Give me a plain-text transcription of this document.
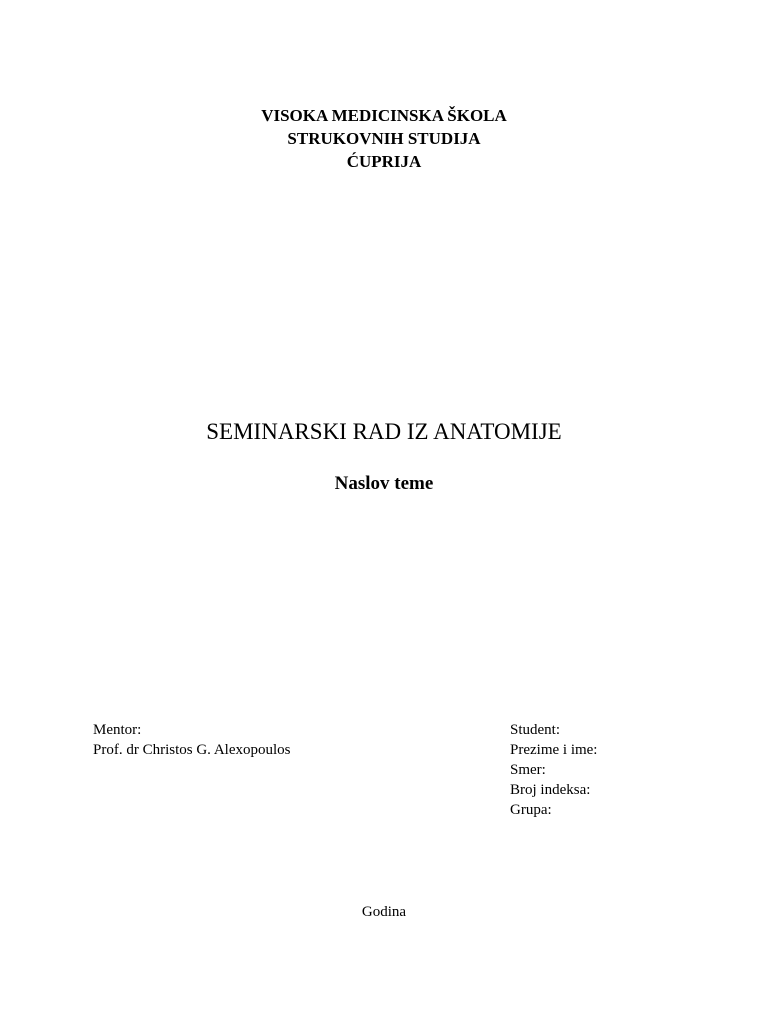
VISOKA MEDICINSKA ŠKOLA
STRUKOVNIH STUDIJA
ĆUPRIJA
SEMINARSKI RAD IZ ANATOMIJE
Naslov teme
Mentor:
Prof. dr Christos G. Alexopoulos
Student:
Prezime i ime:
Smer:
Broj indeksa:
Grupa:
Godina
